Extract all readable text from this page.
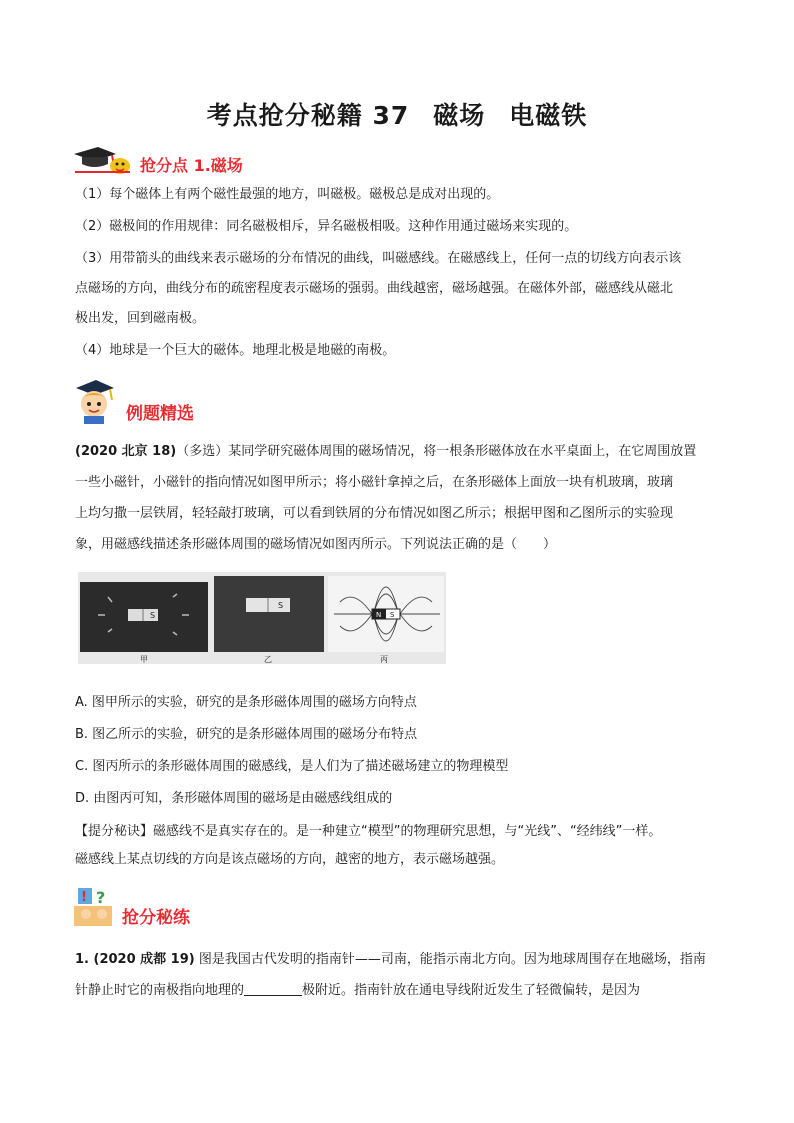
考点抢分秘籍 37 磁场 电磁铁
抢分点 1.磁场
（1）每个磁体上有两个磁性最强的地方，叫磁极。磁极总是成对出现的。
（2）磁极间的作用规律：同名磁极相斥，异名磁极相吸。这种作用通过磁场来实现的。
（3）用带箭头的曲线来表示磁场的分布情况的曲线，叫磁感线。在磁感线上，任何一点的切线方向表示该
点磁场的方向，曲线分布的疏密程度表示磁场的强弱。曲线越密，磁场越强。在磁体外部，磁感线从磁北
极出发，回到磁南极。
（4）地球是一个巨大的磁体。地理北极是地磁的南极。
例题精选
(2020 北京 18)（多选）某同学研究磁体周围的磁场情况，将一根条形磁体放在水平桌面上，在它周围放置
一些小磁针，小磁针的指向情况如图甲所示；将小磁针拿掉之后，在条形磁体上面放一块有机玻璃，玻璃
上均匀撒一层铁屑，轻轻敲打玻璃，可以看到铁屑的分布情况如图乙所示；根据甲图和乙图所示的实验现
象，用磁感线描述条形磁体周围的磁场情况如图丙所示。下列说法正确的是（　　）
S
甲
S
乙
N S
丙
A. 图甲所示的实验，研究的是条形磁体周围的磁场方向特点
B. 图乙所示的实验，研究的是条形磁体周围的磁场分布特点
C. 图丙所示的条形磁体周围的磁感线，是人们为了描述磁场建立的物理模型
D. 由图丙可知，条形磁体周围的磁场是由磁感线组成的
【提分秘诀】磁感线不是真实存在的。是一种建立“模型”的物理研究思想，与“光线”、“经纬线”一样。
磁感线上某点切线的方向是该点磁场的方向，越密的地方，表示磁场越强。
! ?
抢分秘练
1. (2020 成都 19) 图是我国古代发明的指南针——司南，能指示南北方向。因为地球周围存在地磁场，指南
针静止时它的南极指向地理的	极附近。指南针放在通电导线附近发生了轻微偏转，是因为
